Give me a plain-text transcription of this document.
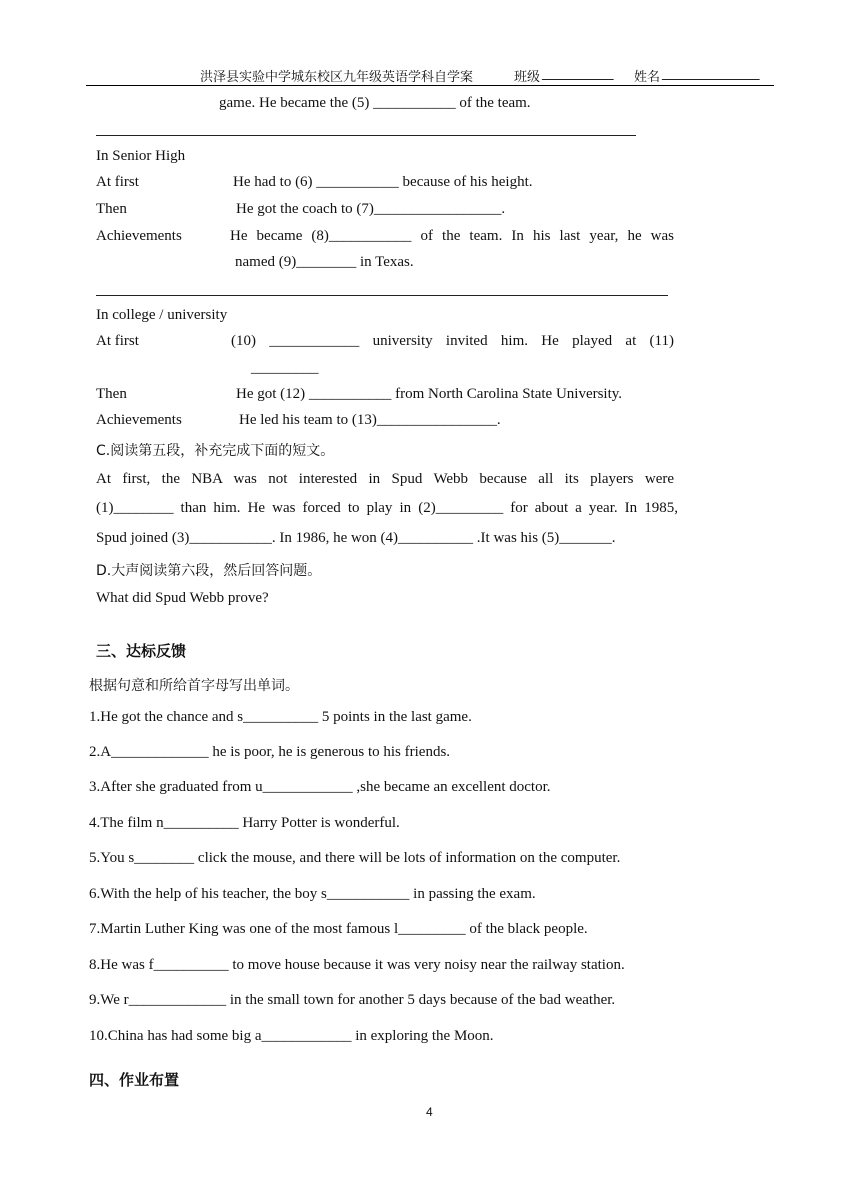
洪泽县实验中学城东校区九年级英语学科自学案	班级 ___________ 姓名 _______________
game. He became the (5) ___________ of the team.
In Senior High
At first	He had to (6) ___________ because of his height.
Then	He got the coach to (7)_________________.
Achievements	He became (8)___________ of the team. In his last year, he was
named (9)________ in Texas.
In college / university
At first	(10) ____________ university invited him. He played at (11)
_________
Then	He got (12) ___________ from North Carolina State University.
Achievements	He led his team to (13)________________.
C.阅读第五段，补充完成下面的短文。
At first, the NBA was not interested in Spud Webb because all its players were
(1)________ than him. He was forced to play in (2)_________ for about a year. In 1985,
Spud joined (3)___________. In 1986, he won (4)__________ .It was his (5)_______.
D.大声阅读第六段，然后回答问题。
What did Spud Webb prove?
三、达标反馈
根据句意和所给首字母写出单词。
1.He got the chance and s__________ 5 points in the last game.
2.A_____________ he is poor, he is generous to his friends.
3.After she graduated from u____________ ,she became an excellent doctor.
4.The film n__________ Harry Potter is wonderful.
5.You s________ click the mouse, and there will be lots of information on the computer.
6.With the help of his teacher, the boy s___________ in passing the exam.
7.Martin Luther King was one of the most famous l_________ of the black people.
8.He was f__________ to move house because it was very noisy near the railway station.
9.We r_____________ in the small town for another 5 days because of the bad weather.
10.China has had some big a____________ in exploring the Moon.
四、作业布置
4
